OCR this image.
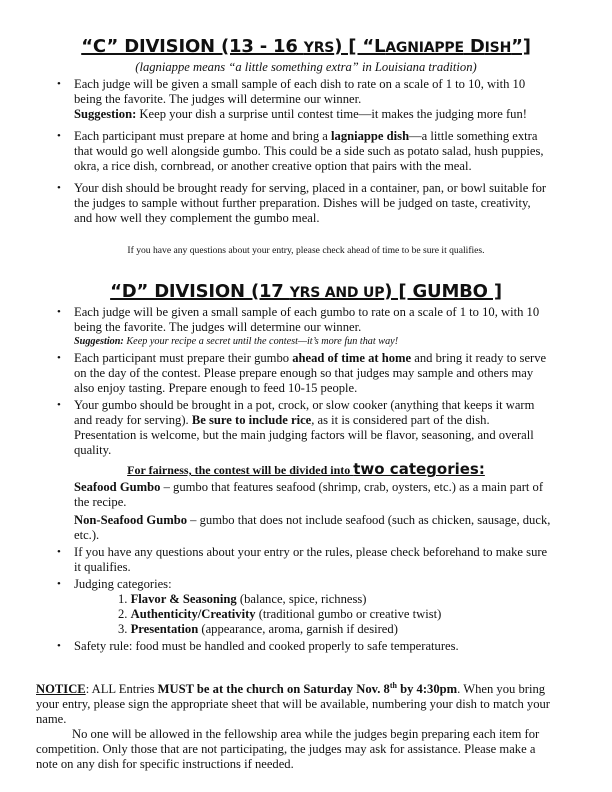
“C” DIVISION (13 - 16 YRS) [ “LAGNIAPPE DISH”]
(lagniappe means “a little something extra” in Louisiana tradition)
• Each judge will be given a small sample of each dish to rate on a scale of 1 to 10, with 10 being the favorite. The judges will determine our winner.
Suggestion: Keep your dish a surprise until contest time—it makes the judging more fun!
• Each participant must prepare at home and bring a lagniappe dish—a little something extra that would go well alongside gumbo. This could be a side such as potato salad, hush puppies, okra, a rice dish, cornbread, or another creative option that pairs with the meal.
• Your dish should be brought ready for serving, placed in a container, pan, or bowl suitable for the judges to sample without further preparation. Dishes will be judged on taste, creativity, and how well they complement the gumbo meal.
If you have any questions about your entry, please check ahead of time to be sure it qualifies.
“D” DIVISION (17 YRS AND UP) [ GUMBO ]
• Each judge will be given a small sample of each gumbo to rate on a scale of 1 to 10, with 10 being the favorite. The judges will determine our winner.
Suggestion: Keep your recipe a secret until the contest—it’s more fun that way!
• Each participant must prepare their gumbo ahead of time at home and bring it ready to serve on the day of the contest. Please prepare enough so that judges may sample and others may also enjoy tasting. Prepare enough to feed 10-15 people.
• Your gumbo should be brought in a pot, crock, or slow cooker (anything that keeps it warm and ready for serving). Be sure to include rice, as it is considered part of the dish. Presentation is welcome, but the main judging factors will be flavor, seasoning, and overall quality.
For fairness, the contest will be divided into two categories:
Seafood Gumbo – gumbo that features seafood (shrimp, crab, oysters, etc.) as a main part of the recipe.
Non-Seafood Gumbo – gumbo that does not include seafood (such as chicken, sausage, duck, etc.).
• If you have any questions about your entry or the rules, please check beforehand to make sure it qualifies.
• Judging categories:
1. Flavor & Seasoning (balance, spice, richness)
2. Authenticity/Creativity (traditional gumbo or creative twist)
3. Presentation (appearance, aroma, garnish if desired)
• Safety rule: food must be handled and cooked properly to safe temperatures.
NOTICE: ALL Entries MUST be at the church on Saturday Nov. 8th by 4:30pm. When you bring your entry, please sign the appropriate sheet that will be available, numbering your dish to match your name.
No one will be allowed in the fellowship area while the judges begin preparing each item for competition. Only those that are not participating, the judges may ask for assistance. Please make a note on any dish for specific instructions if needed.
